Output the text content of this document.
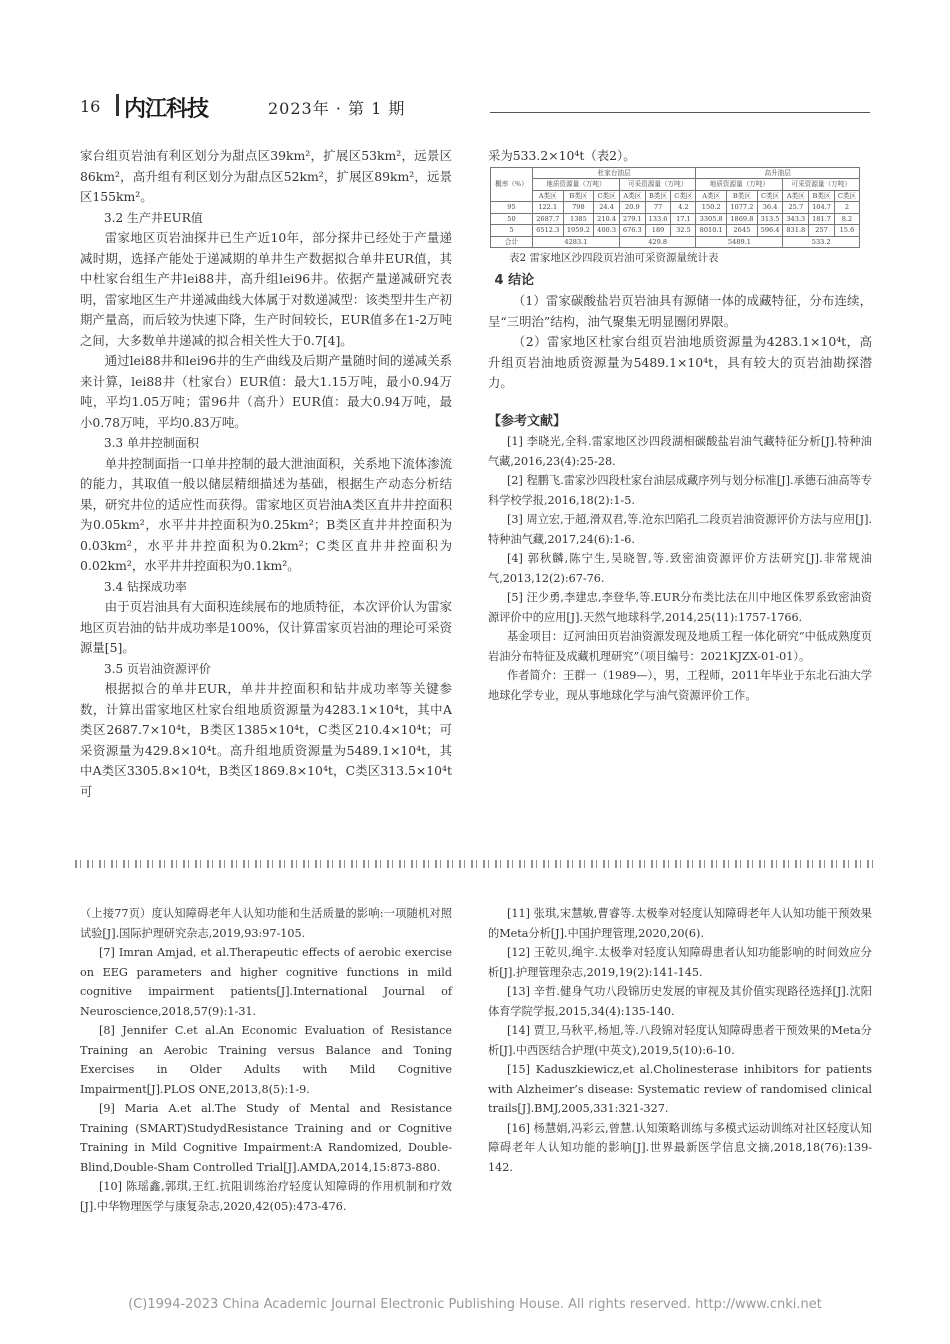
16 内江科技	2023年 · 第 1 期

家台组页岩油有利区划分为甜点区39km²，扩展区53km²，远景区86km²，高升组有利区划分为甜点区52km²，扩展区89km²，远景区155km²。

3.2 生产井EUR值

雷家地区页岩油探井已生产近10年，部分探井已经处于产量递减时期，选择产能处于递减期的单井生产数据拟合单井EUR值，其中杜家台组生产井lei88井，高升组lei96井。依据产量递减研究表明，雷家地区生产井递减曲线大体属于对数递减型：该类型井生产初期产量高，而后较为快速下降，生产时间较长，EUR值多在1-2万吨之间，大多数单井递减的拟合相关性大于0.7[4]。

通过lei88井和lei96井的生产曲线及后期产量随时间的递减关系来计算，lei88井（杜家台）EUR值：最大1.15万吨，最小0.94万吨，平均1.05万吨；雷96井（高升）EUR值：最大0.94万吨，最小0.78万吨，平均0.83万吨。

3.3 单井控制面积

单井控制面指一口单井控制的最大泄油面积，关系地下流体渗流的能力，其取值一般以储层精细描述为基础，根据生产动态分析结果，研究井位的适应性而获得。雷家地区页岩油A类区直井井控面积为0.05km²，水平井井控面积为0.25km²；B类区直井井控面积为0.03km²，水平井井控面积为0.2km²；C类区直井井控面积为0.02km²，水平井井控面积为0.1km²。

3.4 钻探成功率

由于页岩油具有大面积连续展布的地质特征，本次评价认为雷家地区页岩油的钻井成功率是100%，仅计算雷家页岩油的理论可采资源量[5]。

3.5 页岩油资源评价

根据拟合的单井EUR，单井井控面积和钻井成功率等关键参数，计算出雷家地区杜家台组地质资源量为4283.1×10⁴t，其中A类区2687.7×10⁴t，B类区1385×10⁴t，C类区210.4×10⁴t；可采资源量为429.8×10⁴t。高升组地质资源量为5489.1×10⁴t，其中A类区3305.8×10⁴t，B类区1869.8×10⁴t，C类区313.5×10⁴t可

采为533.2×10⁴t（表2）。

概率（%）	杜家台油层						高升油层					
	地质资源量（万吨）			可采资源量（万吨）			地质资源量（万吨）			可采资源量（万吨）		
	A类区	B类区	C类区	A类区	B类区	C类区	A类区	B类区	C类区	A类区	B类区	C类区
95	122.1	798	24.4	20.9	77	4.2	150.2	1077.2	36.4	25.7	104.7	2
50	2687.7	1385	210.4	279.1	133.6	17.1	3305.8	1869.8	313.5	343.3	181.7	8.2
5	6512.3	1959.2	400.3	676.3	189	32.5	8010.1	2645	596.4	831.8	257	15.6
合计	4283.1			429.8			5489.1			533.2		

表2 雷家地区沙四段页岩油可采资源量统计表

4 结论

（1）雷家碳酸盐岩页岩油具有源储一体的成藏特征，分布连续，呈“三明治”结构，油气聚集无明显圈闭界限。

（2）雷家地区杜家台组页岩油地质资源量为4283.1×10⁴t，高升组页岩油地质资源量为5489.1×10⁴t，具有较大的页岩油勘探潜力。

【参考文献】

[1] 李晓光,全科.雷家地区沙四段湖相碳酸盐岩油气藏特征分析[J].特种油气藏,2016,23(4):25-28.

[2] 程鹏飞.雷家沙四段杜家台油层成藏序列与划分标准[J].承德石油高等专科学校学报,2016,18(2):1-5.

[3] 周立宏,于超,滑双君,等.沧东凹陷孔二段页岩油资源评价方法与应用[J].特种油气藏,2017,24(6):1-6.

[4] 郭秋麟,陈宁生,吴晓智,等.致密油资源评价方法研究[J].非常规油气,2013,12(2):67-76.

[5] 汪少勇,李建忠,李登华,等.EUR分布类比法在川中地区侏罗系致密油资源评价中的应用[J].天然气地球科学,2014,25(11):1757-1766.

基金项目：辽河油田页岩油资源发现及地质工程一体化研究“中低成熟度页岩油分布特征及成藏机理研究”（项目编号：2021KJZX-01-01）。

作者简介：王群一（1989—），男，工程师，2011年毕业于东北石油大学地球化学专业，现从事地球化学与油气资源评价工作。

（上接77页）度认知障碍老年人认知功能和生活质量的影响:一项随机对照试验[J].国际护理研究杂志,2019,93:97-105.

[7] Imran Amjad, et al.Therapeutic effects of aerobic exercise on EEG parameters and higher cognitive functions in mild cognitive impairment patients[J].International Journal of Neuroscience,2018,57(9):1-31.

[8] Jennifer C.et al.An Economic Evaluation of Resistance Training an Aerobic Training versus Balance and Toning Exercises in Older Adults with Mild Cognitive Impairment[J].PLOS ONE,2013,8(5):1-9.

[9] Maria A.et al.The Study of Mental and Resistance Training (SMART)StudydResistance Training and or Cognitive Training in Mild Cognitive Impairment:A Randomized, Double-Blind,Double-Sham Controlled Trial[J].AMDA,2014,15:873-880.

[10] 陈瑶鑫,郭琪,王红.抗阻训练治疗轻度认知障碍的作用机制和疗效[J].中华物理医学与康复杂志,2020,42(05):473-476.

[11] 张琪,宋慧敏,曹睿等.太极拳对轻度认知障碍老年人认知功能干预效果的Meta分析[J].中国护理管理,2020,20(6).

[12] 王乾贝,绳宇.太极拳对轻度认知障碍患者认知功能影响的时间效应分析[J].护理管理杂志,2019,19(2):141-145.

[13] 辛哲.健身气功八段锦历史发展的审视及其价值实现路径选择[J].沈阳体育学院学报,2015,34(4):135-140.

[14] 贾卫,马秋平,杨旭,等.八段锦对轻度认知障碍患者干预效果的Meta分析[J].中西医结合护理(中英文),2019,5(10):6-10.

[15] Kaduszkiewicz,et al.Cholinesterase inhibitors for patients with Alzheimer’s disease: Systematic review of randomised clinical trails[J].BMJ,2005,331:321-327.

[16] 杨慧娟,冯彩云,曾慧.认知策略训练与多模式运动训练对社区轻度认知障碍老年人认知功能的影响[J].世界最新医学信息文摘,2018,18(76):139-142.

(C)1994-2023 China Academic Journal Electronic Publishing House. All rights reserved. http://www.cnki.net
